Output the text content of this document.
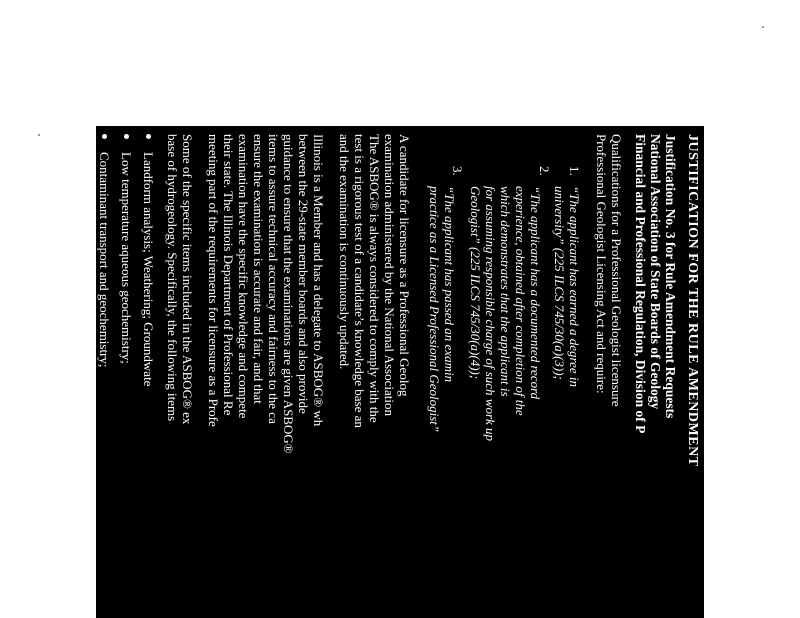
JUSTIFICATION FOR THE RULE AMENDMENT
Justification No. 3 for Rule Amendment Requests
National Association of State Boards of Geology
Financial and Professional Regulation, Division of P
Qualifications for a Professional Geologist licensure
Professional Geologist Licensing Act and require:
1.
“The applicant has earned a degree in
university” (225 ILCS 745/30(a)(3));
2.
“The applicant has a documented record
experience, obtained after completion of the
which demonstrates that the applicant is
for assuming responsible charge of such work up
Geologist” (225 ILCS 745/30(a)(4));
3.
“The applicant has passed an examin
practice as a Licensed Professional Geologist”
A candidate for licensure as a Professional Geolog
examination administered by the National Association
The ASBOG® is always considered to comply with the
test is a rigorous test of a candidate’s knowledge base an
and the examination is continuously updated.
Illinois is a Member and has a delegate to ASBOG® wh
between the 29-state member boards and also provide
guidance to ensure that the examinations are given ASBOG®
items to assure technical accuracy and fairness to the ca
ensure the examination is accurate and fair, and that
examination have the specific knowledge and compete
their state. The Illinois Department of Professional Re
meeting part of the requirements for licensure as a Profe
Some of the specific items included in the ASBOG® ex
base of hydrogeology. Specifically, the following items
Landform analysis; Weathering; Groundwate
Low temperature aqueous geochemistry;
Contaminant transport and geochemistry;
Hydraulic properties of fluids and earth mater
Human-land interaction;
Comments to Illinois EPA’s Proposed Amendments to P
Mark Krumenacher, P.G.
